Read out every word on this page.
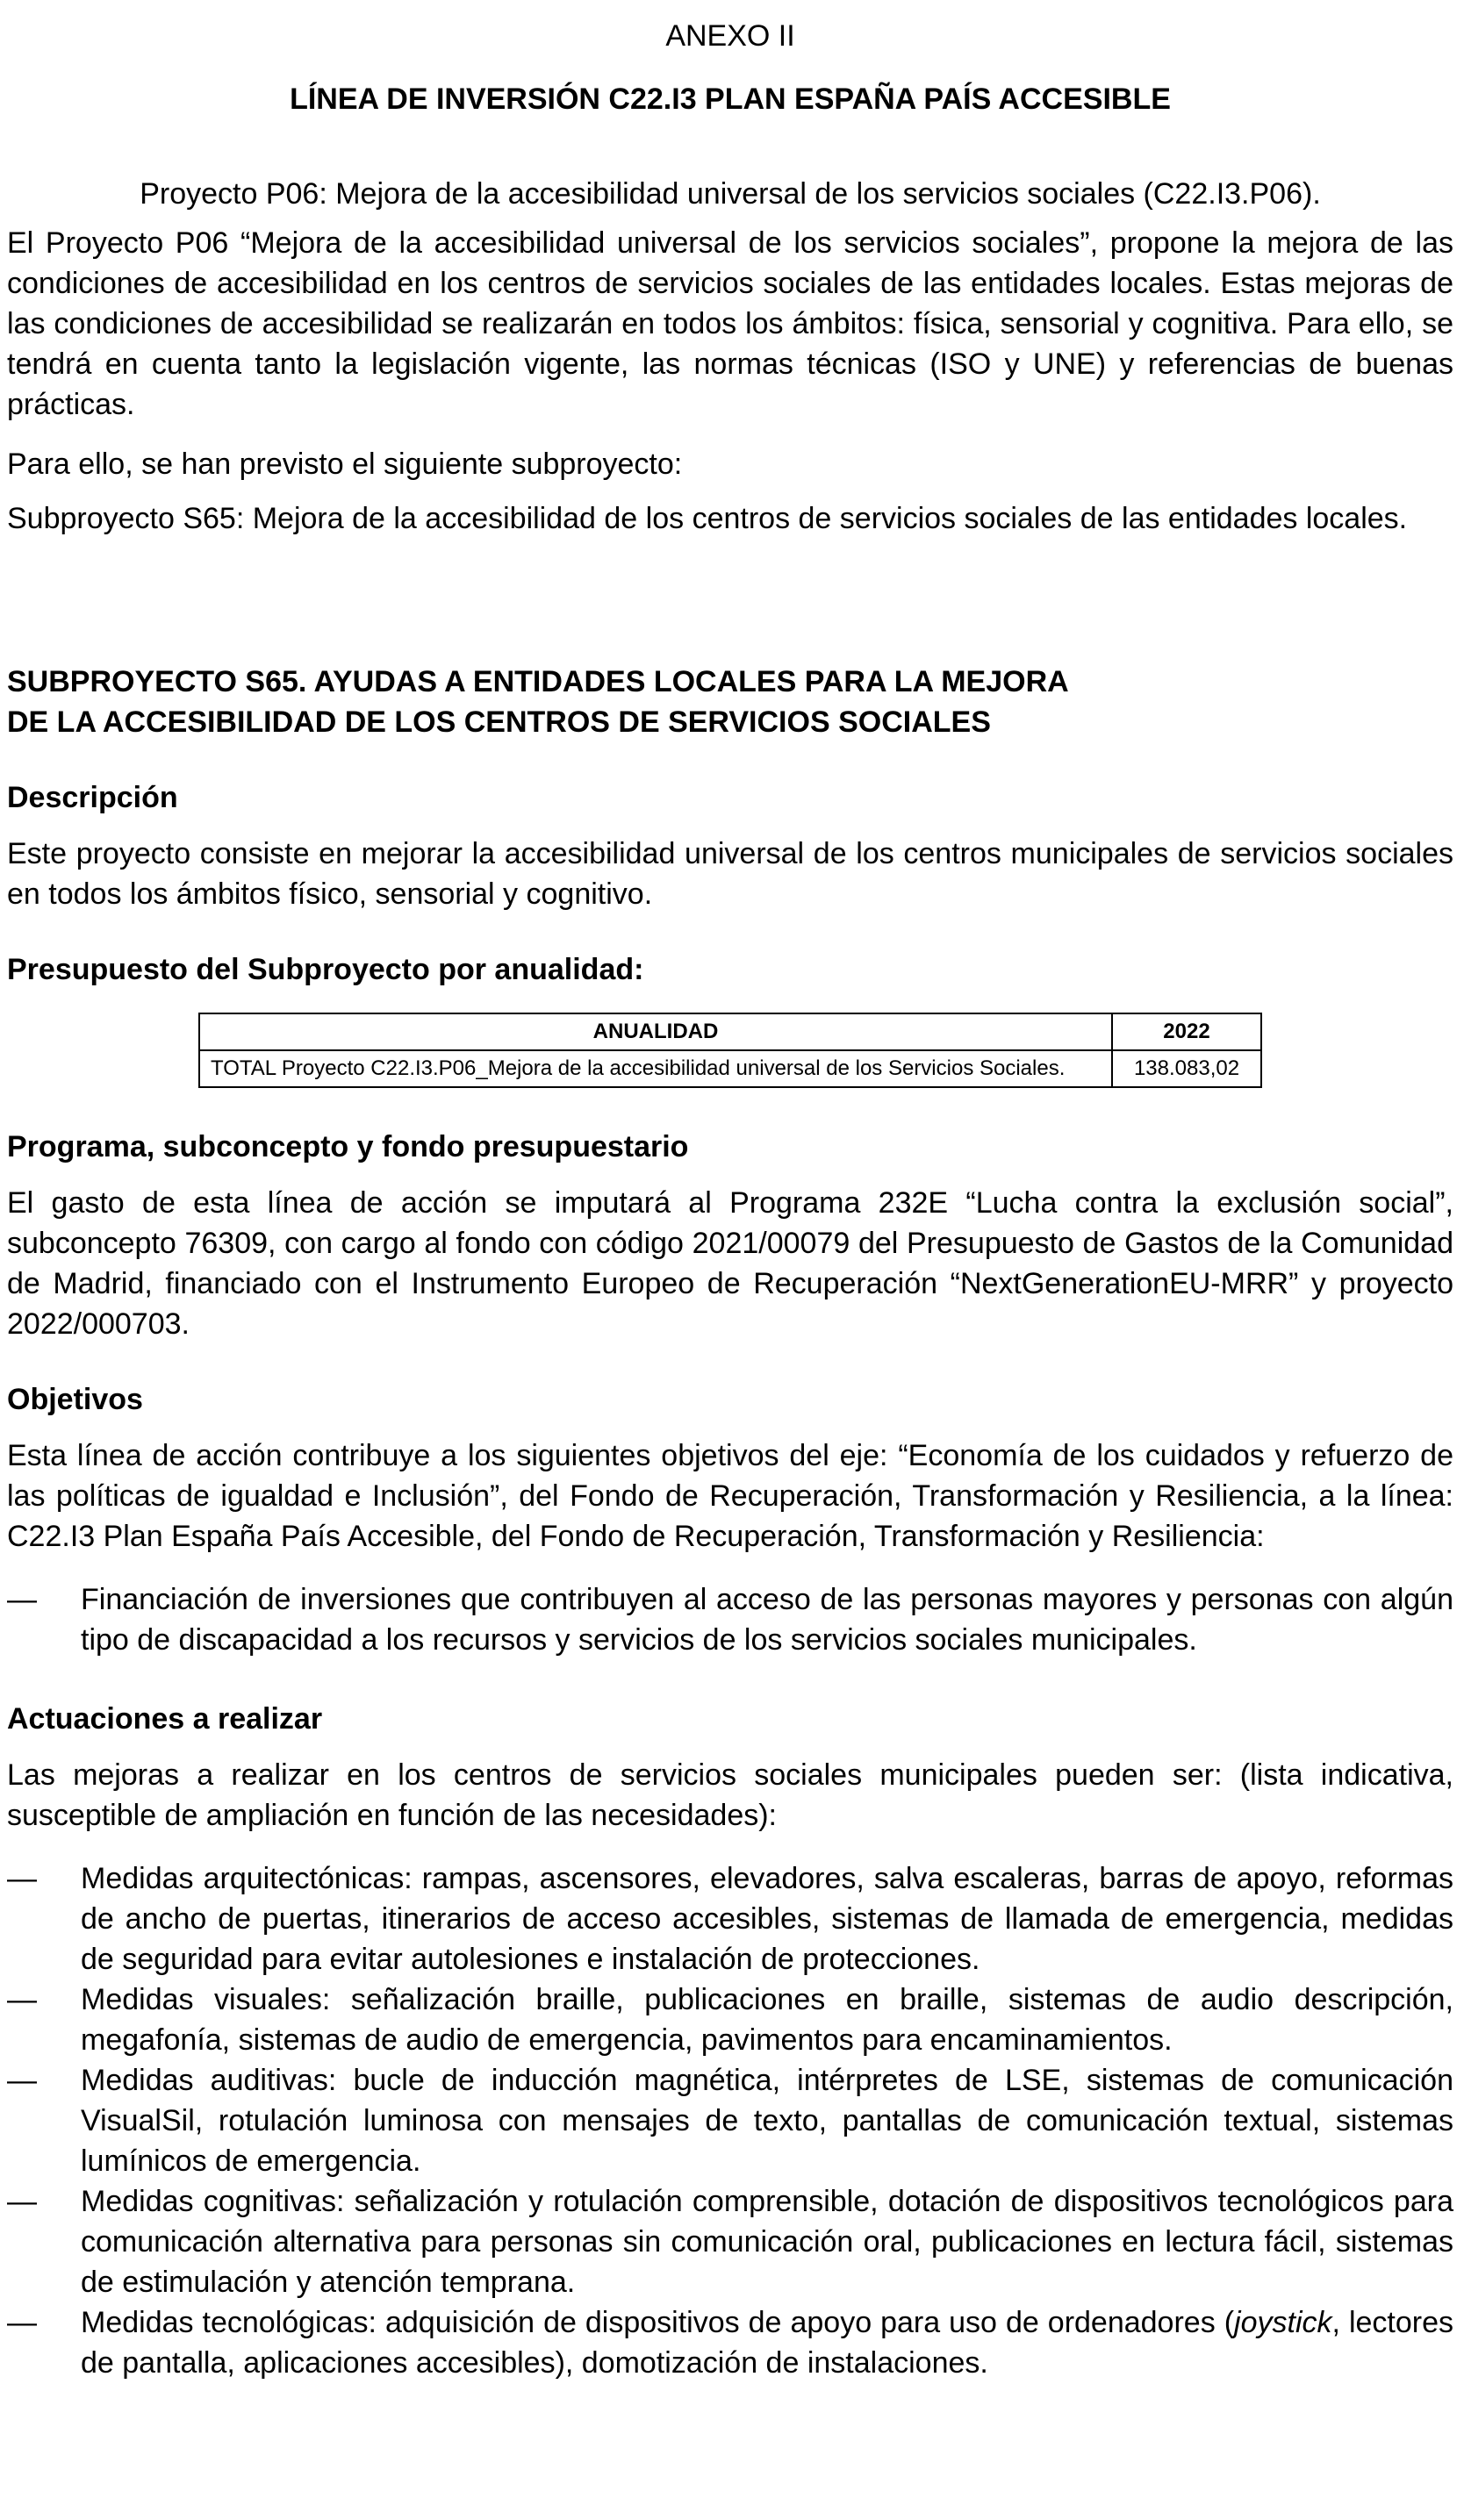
ANEXO II
LÍNEA DE INVERSIÓN C22.I3 PLAN ESPAÑA PAÍS ACCESIBLE

Proyecto P06: Mejora de la accesibilidad universal de los servicios sociales (C22.I3.P06).

El Proyecto P06 “Mejora de la accesibilidad universal de los servicios sociales”, propone la mejora de las condiciones de accesibilidad en los centros de servicios sociales de las entidades locales. Estas mejoras de las condiciones de accesibilidad se realizarán en todos los ámbitos: física, sensorial y cognitiva. Para ello, se tendrá en cuenta tanto la legislación vigente, las normas técnicas (ISO y UNE) y referencias de buenas prácticas.

Para ello, se han previsto el siguiente subproyecto:

Subproyecto S65: Mejora de la accesibilidad de los centros de servicios sociales de las entidades locales.

SUBPROYECTO S65. AYUDAS A ENTIDADES LOCALES PARA LA MEJORA DE LA ACCESIBILIDAD DE LOS CENTROS DE SERVICIOS SOCIALES
Descripción

Este proyecto consiste en mejorar la accesibilidad universal de los centros municipales de servicios sociales en todos los ámbitos físico, sensorial y cognitivo.

Presupuesto del Subproyecto por anualidad:
ANUALIDAD	2022
TOTAL Proyecto C22.I3.P06_Mejora de la accesibilidad universal de los Servicios Sociales.	138.083,02
Programa, subconcepto y fondo presupuestario

El gasto de esta línea de acción se imputará al Programa 232E “Lucha contra la exclusión social”, subconcepto 76309, con cargo al fondo con código 2021/00079 del Presupuesto de Gastos de la Comunidad de Madrid, financiado con el Instrumento Europeo de Recuperación “NextGenerationEU-MRR” y proyecto 2022/000703.

Objetivos

Esta línea de acción contribuye a los siguientes objetivos del eje: “Economía de los cuidados y refuerzo de las políticas de igualdad e Inclusión”, del Fondo de Recuperación, Transformación y Resiliencia, a la línea: C22.I3 Plan España País Accesible, del Fondo de Recuperación, Transformación y Resiliencia:

—	Financiación de inversiones que contribuyen al acceso de las personas mayores y personas con algún tipo de discapacidad a los recursos y servicios de los servicios sociales municipales.
Actuaciones a realizar

Las mejoras a realizar en los centros de servicios sociales municipales pueden ser: (lista indicativa, susceptible de ampliación en función de las necesidades):

—	Medidas arquitectónicas: rampas, ascensores, elevadores, salva escaleras, barras de apoyo, reformas de ancho de puertas, itinerarios de acceso accesibles, sistemas de llamada de emergencia, medidas de seguridad para evitar autolesiones e instalación de protecciones.
—	Medidas visuales: señalización braille, publicaciones en braille, sistemas de audio descripción, megafonía, sistemas de audio de emergencia, pavimentos para encaminamientos.
—	Medidas auditivas: bucle de inducción magnética, intérpretes de LSE, sistemas de comunicación VisualSil, rotulación luminosa con mensajes de texto, pantallas de comunicación textual, sistemas lumínicos de emergencia.
—	Medidas cognitivas: señalización y rotulación comprensible, dotación de dispositivos tecnológicos para comunicación alternativa para personas sin comunicación oral, publicaciones en lectura fácil, sistemas de estimulación y atención temprana.
—	Medidas tecnológicas: adquisición de dispositivos de apoyo para uso de ordenadores (joystick, lectores de pantalla, aplicaciones accesibles), domotización de instalaciones.
